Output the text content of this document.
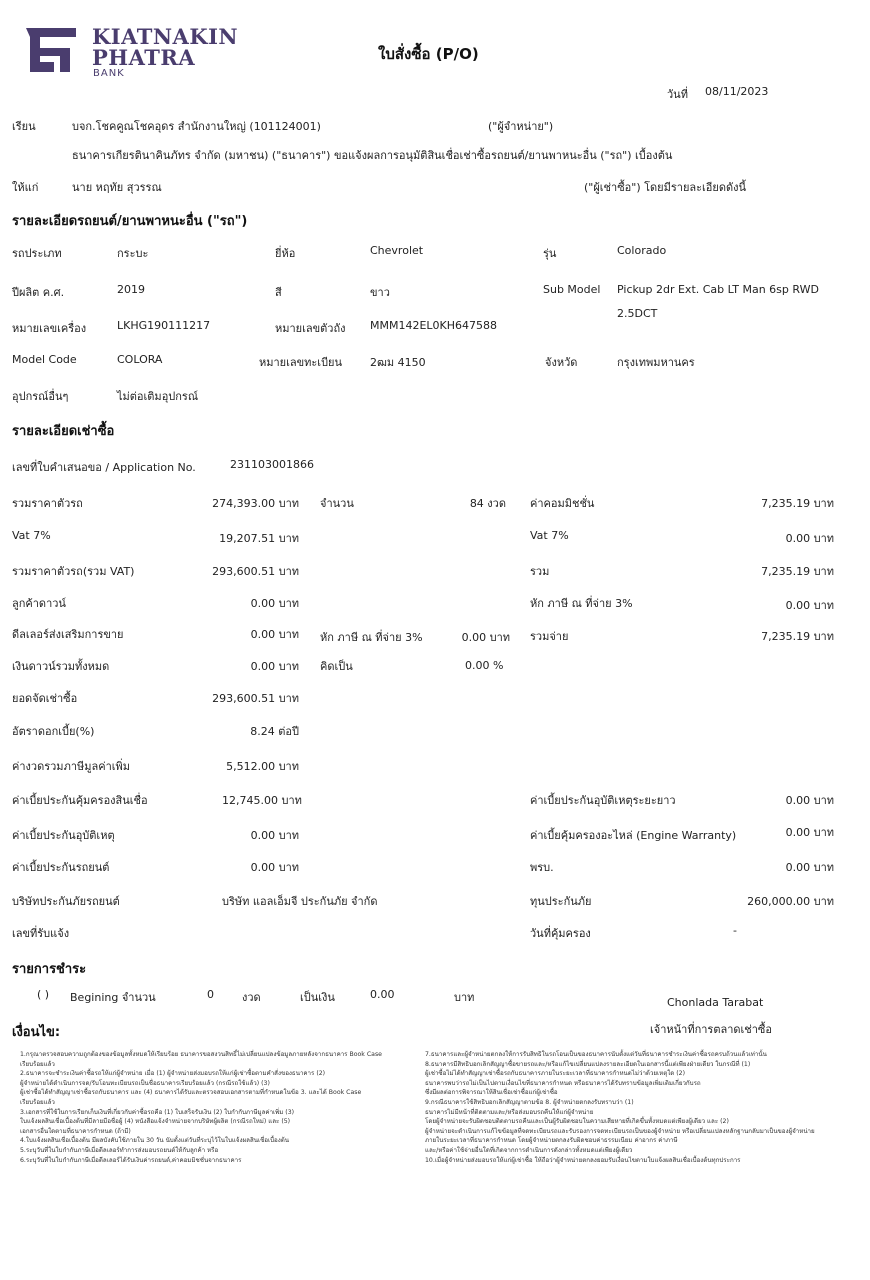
KIATNAKIN
PHATRA
BANK
ใบสั่งซื้อ (P/O)
วันที่ 08/11/2023
เรียน	บจก.โชคคูณโชคอุดร สำนักงานใหญ่ (101124001)	("ผู้จำหน่าย")
ธนาคารเกียรตินาคินภัทร จำกัด (มหาชน) ("ธนาคาร") ขอแจ้งผลการอนุมัติสินเชื่อเช่าซื้อรถยนต์/ยานพาหนะอื่น ("รถ") เบื้องต้น
ให้แก่	นาย หฤทัย สุวรรณ	("ผู้เช่าซื้อ") โดยมีรายละเอียดดังนี้
รายละเอียดรถยนต์/ยานพาหนะอื่น ("รถ")
รถประเภท	กระบะ	ยี่ห้อ	Chevrolet	รุ่น	Colorado
ปีผลิต ค.ศ.	2019	สี	ขาว	Sub Model Pickup 2dr Ext. Cab LT Man 6sp RWD
2.5DCT
หมายเลขเครื่อง	LKHG190111217	หมายเลขตัวถัง MMM142EL0KH647588
Model Code	COLORA	หมายเลขทะเบียน	2ฒม 4150	จังหวัด	กรุงเทพมหานคร
อุปกรณ์อื่นๆ	ไม่ต่อเติมอุปกรณ์
รายละเอียดเช่าซื้อ
เลขที่ใบคำเสนอขอ / Application No.	231103001866
รวมราคาตัวรถ	274,393.00 บาท จำนวน	84 งวด ค่าคอมมิชชั่น	7,235.19 บาท
Vat 7%	19,207.51 บาท	Vat 7%	0.00 บาท
รวมราคาตัวรถ(รวม VAT)	293,600.51 บาท	รวม	7,235.19 บาท
ลูกค้าดาวน์	0.00 บาท	หัก ภาษี ณ ที่จ่าย 3%	0.00 บาท
ดีลเลอร์ส่งเสริมการขาย	0.00 บาท หัก ภาษี ณ ที่จ่าย 3%	0.00 บาท รวมจ่าย	7,235.19 บาท
เงินดาวน์รวมทั้งหมด	0.00 บาท คิดเป็น	0.00 %
ยอดจัดเช่าซื้อ	293,600.51 บาท
อัตราดอกเบี้ย(%)	8.24 ต่อปี
ค่างวดรวมภาษีมูลค่าเพิ่ม	5,512.00 บาท
ค่าเบี้ยประกันคุ้มครองสินเชื่อ	12,745.00 บาท	ค่าเบี้ยประกันอุบัติเหตุระยะยาว	0.00 บาท
ค่าเบี้ยประกันอุบัติเหตุ	0.00 บาท	ค่าเบี้ยคุ้มครองอะไหล่ (Engine Warranty)	0.00 บาท
ค่าเบี้ยประกันรถยนต์	0.00 บาท	พรบ.	0.00 บาท
บริษัทประกันภัยรถยนต์	บริษัท แอลเอ็มจี ประกันภัย จำกัด	ทุนประกันภัย	260,000.00 บาท
เลขที่รับแจ้ง	วันที่คุ้มครอง	-
รายการชำระ
( ) Begining จำนวน	0	งวด	เป็นเงิน	0.00	บาท	Chonlada Tarabat
เจ้าหน้าที่การตลาดเช่าซื้อ
เงื่อนไข:
1.กรุณาตรวจสอบความถูกต้องของข้อมูลทั้งหมดให้เรียบร้อย ธนาคารขอสงวนสิทธิ์ไม่เปลี่ยนแปลงข้อมูลภายหลังจากธนาคาร Book Case
เรียบร้อยแล้ว
2.ธนาคารจะชำระเงินค่าซื้อรถให้แก่ผู้จำหน่าย เมื่อ (1) ผู้จำหน่ายส่งมอบรถให้แก่ผู้เช่าซื้อตามคำสั่งของธนาคาร (2)
ผู้จำหน่ายได้ดำเนินการจด/รับโอนทะเบียนรถเป็นชื่อธนาคารเรียบร้อยแล้ว (กรณีรถใช้แล้ว) (3)
ผู้เช่าซื้อได้ทำสัญญาเช่าซื้อรถกับธนาคาร และ (4) ธนาคารได้รับและตรวจสอบเอกสารตามที่กำหนดในข้อ 3. และได้ Book Case
เรียบร้อยแล้ว
3.เอกสารที่ใช้ในการเรียกเก็บเงินที่เกี่ยวกับค่าซื้อรถคือ (1) ใบเสร็จรับเงิน (2) ใบกำกับภาษีมูลค่าเพิ่ม (3)
ใบแจ้งผลสินเชื่อเบื้องต้นที่มีลายมือชื่อผู้ (4) หนังสือแจ้งจำหน่ายจากบริษัทผู้ผลิต (กรณีรถใหม่) และ (5)
เอกสารอื่นใดตามที่ธนาคารกำหนด (ถ้ามี)
4.ใบแจ้งผลสินเชื่อเบื้องต้น มีผลบังคับใช้ภายใน 30 วัน นับตั้งแต่วันที่ระบุไว้ในใบแจ้งผลสินเชื่อเบื้องต้น
5.ระบุวันที่ในใบกำกับภาษีเมื่อดีลเลอร์ทำการส่งมอบรถยนต์ให้กับลูกค้า หรือ
6.ระบุวันที่ในใบกำกับภาษีเมื่อดีลเลอร์ได้รับเงินค่ารถยนต์,ค่าคอมมิชชั่นจากธนาคาร
7.ธนาคารและผู้จำหน่ายตกลงให้การรับสิทธิในรถโอนเป็นของธนาคารนับตั้งแต่วันที่ธนาคารชำระเงินค่าซื้อรถครบถ้วนแล้วเท่านั้น
8.ธนาคารมีสิทธิบอกเลิกสัญญาซื้อขายรถและ/หรือแก้ไขเปลี่ยนแปลงรายละเอียดในเอกสารนี้แต่เพียงฝ่ายเดียว ในกรณีที่ (1)
ผู้เช่าซื้อไม่ได้ทำสัญญาเช่าซื้อรถกับธนาคารภายในระยะเวลาที่ธนาคารกำหนดไม่ว่าด้วยเหตุใด (2)
ธนาคารพบว่ารถไม่เป็นไปตามเงื่อนไขที่ธนาคารกำหนด หรือธนาคารได้รับทราบข้อมูลเพิ่มเติมเกี่ยวกับรถ
ซึ่งมีผลต่อการพิจารณาให้สินเชื่อเช่าซื้อแก่ผู้เช่าซื้อ
9.กรณีธนาคารใช้สิทธิบอกเลิกสัญญาตามข้อ 8. ผู้จำหน่ายตกลงรับทราบว่า (1)
ธนาคารไม่มีหน้าที่ติดตามและ/หรือส่งมอบรถคืนให้แก่ผู้จำหน่าย
โดยผู้จำหน่ายจะรับผิดชอบติดตามรถคืนและเป็นผู้รับผิดชอบในความเสียหายที่เกิดขึ้นทั้งหมดแต่เพียงผู้เดียว และ (2)
ผู้จำหน่ายจะดำเนินการแก้ไขข้อมูลที่จดทะเบียนรถและรับรองการจดทะเบียนรถเป็นของผู้จำหน่าย หรือเปลี่ยนแปลงหลักฐานกลับมาเป็นของผู้จำหน่าย
ภายในระยะเวลาที่ธนาคารกำหนด โดยผู้จำหน่ายตกลงรับผิดชอบค่าธรรมเนียม ค่าอากร ค่าภาษี
และ/หรือค่าใช้จ่ายอื่นใดที่เกิดจากการดำเนินการดังกล่าวทั้งหมดแต่เพียงผู้เดียว
10.เมื่อผู้จำหน่ายส่งมอบรถให้แก่ผู้เช่าซื้อ ให้ถือว่าผู้จำหน่ายตกลงยอมรับเงื่อนไขตามใบแจ้งผลสินเชื่อเบื้องต้นทุกประการ
